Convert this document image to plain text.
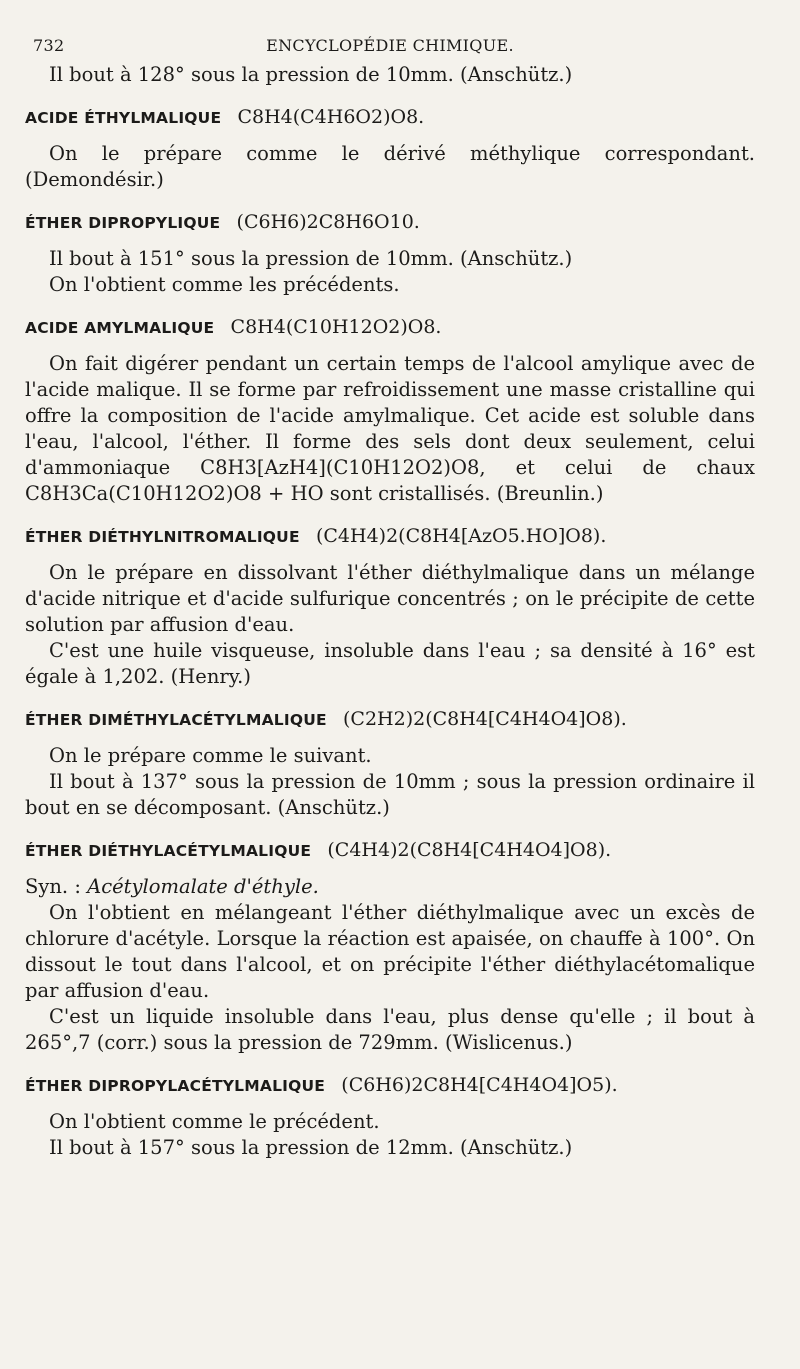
732	ENCYCLOPÉDIE CHIMIQUE.

Il bout à 128° sous la pression de 10mm. (Anschütz.)

ACIDE ÉTHYLMALIQUE C8H4(C4H6O2)O8.

On le prépare comme le dérivé méthylique correspondant. (Demondésir.)

ÉTHER DIPROPYLIQUE (C6H6)2C8H6O10.

Il bout à 151° sous la pression de 10mm. (Anschütz.)

On l'obtient comme les précédents.

ACIDE AMYLMALIQUE C8H4(C10H12O2)O8.

On fait digérer pendant un certain temps de l'alcool amylique avec de l'acide malique. Il se forme par refroidissement une masse cristalline qui offre la composition de l'acide amylmalique. Cet acide est soluble dans l'eau, l'alcool, l'éther. Il forme des sels dont deux seulement, celui d'ammoniaque C8H3[AzH4](C10H12O2)O8, et celui de chaux C8H3Ca(C10H12O2)O8 + HO sont cristallisés. (Breunlin.)

ÉTHER DIÉTHYLNITROMALIQUE (C4H4)2(C8H4[AzO5.HO]O8).

On le prépare en dissolvant l'éther diéthylmalique dans un mélange d'acide nitrique et d'acide sulfurique concentrés ; on le précipite de cette solution par affusion d'eau.

C'est une huile visqueuse, insoluble dans l'eau ; sa densité à 16° est égale à 1,202. (Henry.)

ÉTHER DIMÉTHYLACÉTYLMALIQUE (C2H2)2(C8H4[C4H4O4]O8).

On le prépare comme le suivant.

Il bout à 137° sous la pression de 10mm ; sous la pression ordinaire il bout en se décomposant. (Anschütz.)

ÉTHER DIÉTHYLACÉTYLMALIQUE (C4H4)2(C8H4[C4H4O4]O8).

Syn. : Acétylomalate d'éthyle.

On l'obtient en mélangeant l'éther diéthylmalique avec un excès de chlorure d'acétyle. Lorsque la réaction est apaisée, on chauffe à 100°. On dissout le tout dans l'alcool, et on précipite l'éther diéthylacétomalique par affusion d'eau.

C'est un liquide insoluble dans l'eau, plus dense qu'elle ; il bout à 265°,7 (corr.) sous la pression de 729mm. (Wislicenus.)

ÉTHER DIPROPYLACÉTYLMALIQUE (C6H6)2C8H4[C4H4O4]O5).

On l'obtient comme le précédent.

Il bout à 157° sous la pression de 12mm. (Anschütz.)
